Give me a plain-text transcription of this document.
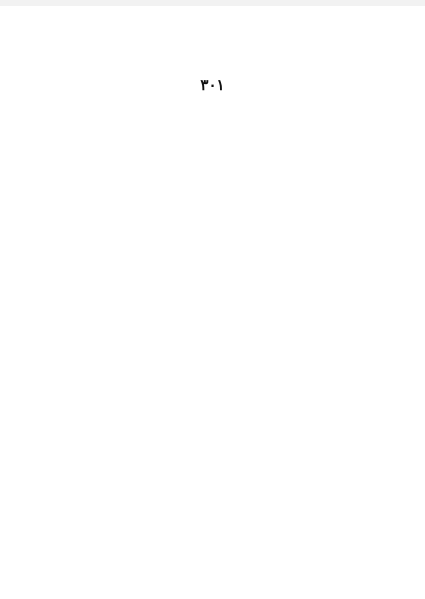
٣٠١
